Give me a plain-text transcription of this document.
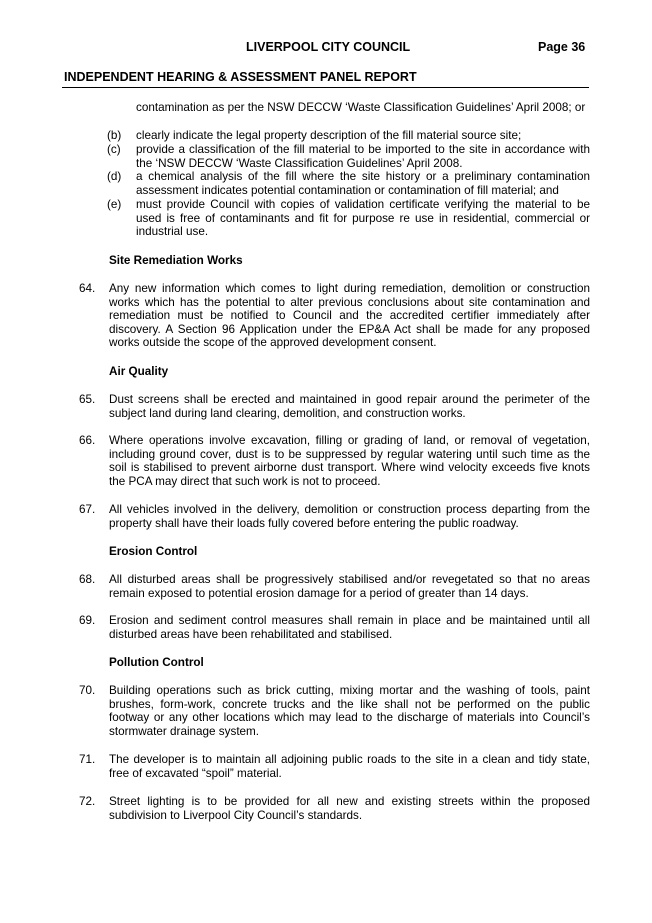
LIVERPOOL CITY COUNCIL	Page 36
INDEPENDENT HEARING & ASSESSMENT PANEL REPORT
contamination as per the NSW DECCW ‘Waste Classification Guidelines’ April 2008; or
(b) clearly indicate the legal property description of the fill material source site;
(c) provide a classification of the fill material to be imported to the site in accordance with the ‘NSW DECCW ‘Waste Classification Guidelines’ April 2008.
(d) a chemical analysis of the fill where the site history or a preliminary contamination assessment indicates potential contamination or contamination of fill material; and
(e) must provide Council with copies of validation certificate verifying the material to be used is free of contaminants and fit for purpose re use in residential, commercial or industrial use.
Site Remediation Works
64. Any new information which comes to light during remediation, demolition or construction works which has the potential to alter previous conclusions about site contamination and remediation must be notified to Council and the accredited certifier immediately after discovery. A Section 96 Application under the EP&A Act shall be made for any proposed works outside the scope of the approved development consent.
Air Quality
65. Dust screens shall be erected and maintained in good repair around the perimeter of the subject land during land clearing, demolition, and construction works.
66. Where operations involve excavation, filling or grading of land, or removal of vegetation, including ground cover, dust is to be suppressed by regular watering until such time as the soil is stabilised to prevent airborne dust transport. Where wind velocity exceeds five knots the PCA may direct that such work is not to proceed.
67. All vehicles involved in the delivery, demolition or construction process departing from the property shall have their loads fully covered before entering the public roadway.
Erosion Control
68. All disturbed areas shall be progressively stabilised and/or revegetated so that no areas remain exposed to potential erosion damage for a period of greater than 14 days.
69. Erosion and sediment control measures shall remain in place and be maintained until all disturbed areas have been rehabilitated and stabilised.
Pollution Control
70. Building operations such as brick cutting, mixing mortar and the washing of tools, paint brushes, form-work, concrete trucks and the like shall not be performed on the public footway or any other locations which may lead to the discharge of materials into Council’s stormwater drainage system.
71. The developer is to maintain all adjoining public roads to the site in a clean and tidy state, free of excavated “spoil” material.
72. Street lighting is to be provided for all new and existing streets within the proposed subdivision to Liverpool City Council’s standards.
